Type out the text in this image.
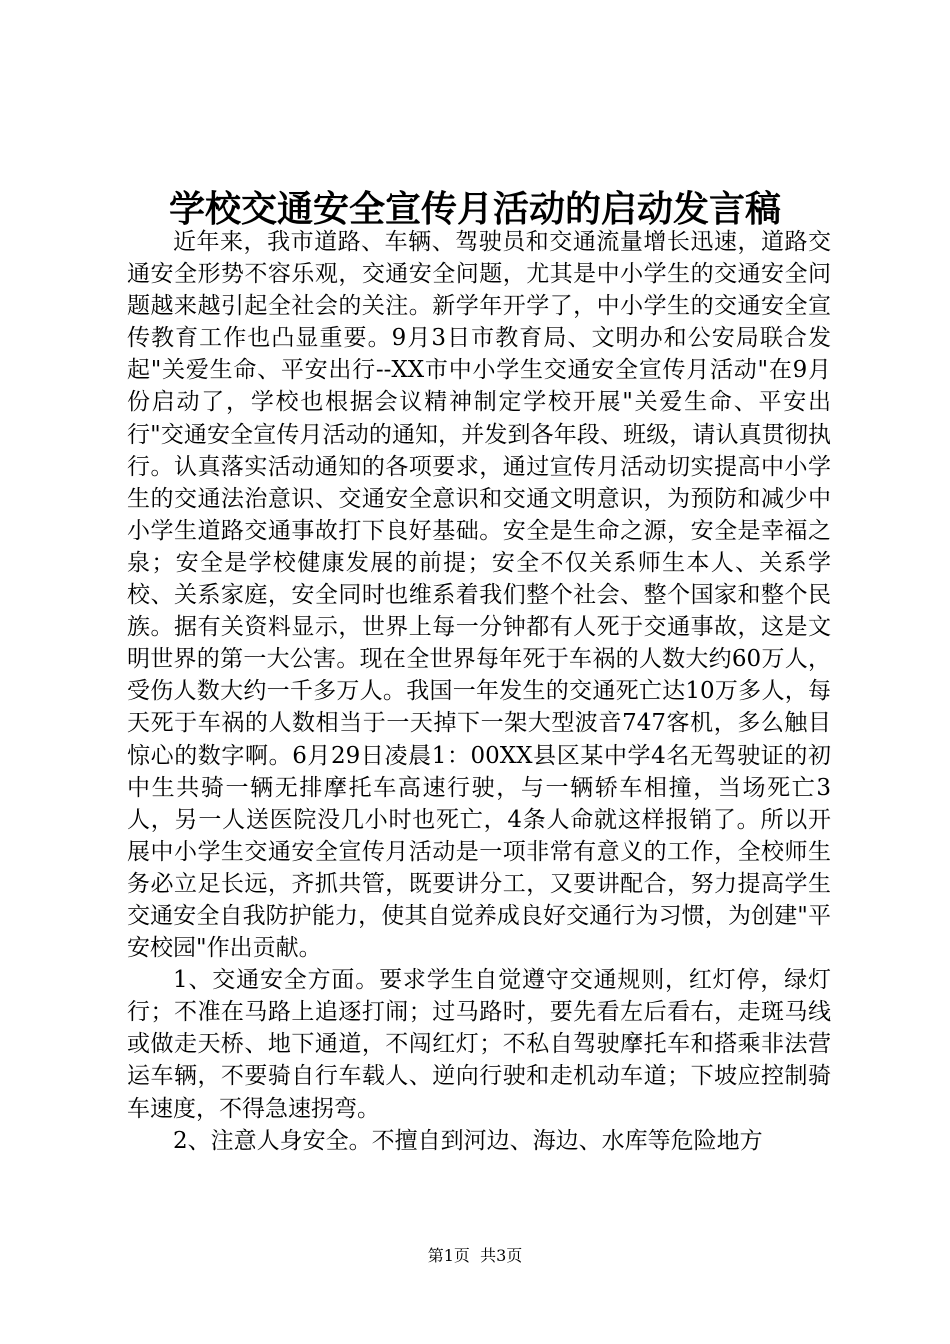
学校交通安全宣传月活动的启动发言稿

近年来，我市道路、车辆、驾驶员和交通流量增长迅速，道路交通安全形势不容乐观，交通安全问题，尤其是中小学生的交通安全问题越来越引起全社会的关注。新学年开学了，中小学生的交通安全宣传教育工作也凸显重要。9月3日市教育局、文明办和公安局联合发起"关爱生命、平安出行--XX市中小学生交通安全宣传月活动"在9月份启动了，学校也根据会议精神制定学校开展"关爱生命、平安出行"交通安全宣传月活动的通知，并发到各年段、班级，请认真贯彻执行。认真落实活动通知的各项要求，通过宣传月活动切实提高中小学生的交通法治意识、交通安全意识和交通文明意识，为预防和减少中小学生道路交通事故打下良好基础。安全是生命之源，安全是幸福之泉；安全是学校健康发展的前提；安全不仅关系师生本人、关系学校、关系家庭，安全同时也维系着我们整个社会、整个国家和整个民族。据有关资料显示，世界上每一分钟都有人死于交通事故，这是文明世界的第一大公害。现在全世界每年死于车祸的人数大约60万人，受伤人数大约一千多万人。我国一年发生的交通死亡达10万多人，每天死于车祸的人数相当于一天掉下一架大型波音747客机，多么触目惊心的数字啊。6月29日凌晨1：00XX县区某中学4名无驾驶证的初中生共骑一辆无排摩托车高速行驶，与一辆轿车相撞，当场死亡3人，另一人送医院没几小时也死亡，4条人命就这样报销了。所以开展中小学生交通安全宣传月活动是一项非常有意义的工作，全校师生务必立足长远，齐抓共管，既要讲分工，又要讲配合，努力提高学生交通安全自我防护能力，使其自觉养成良好交通行为习惯，为创建"平安校园"作出贡献。

1、交通安全方面。要求学生自觉遵守交通规则，红灯停，绿灯行；不准在马路上追逐打闹；过马路时，要先看左后看右，走斑马线或做走天桥、地下通道，不闯红灯；不私自驾驶摩托车和搭乘非法营运车辆，不要骑自行车载人、逆向行驶和走机动车道；下坡应控制骑车速度，不得急速拐弯。

2、注意人身安全。不擅自到河边、海边、水库等危险地方

第1页  共3页
